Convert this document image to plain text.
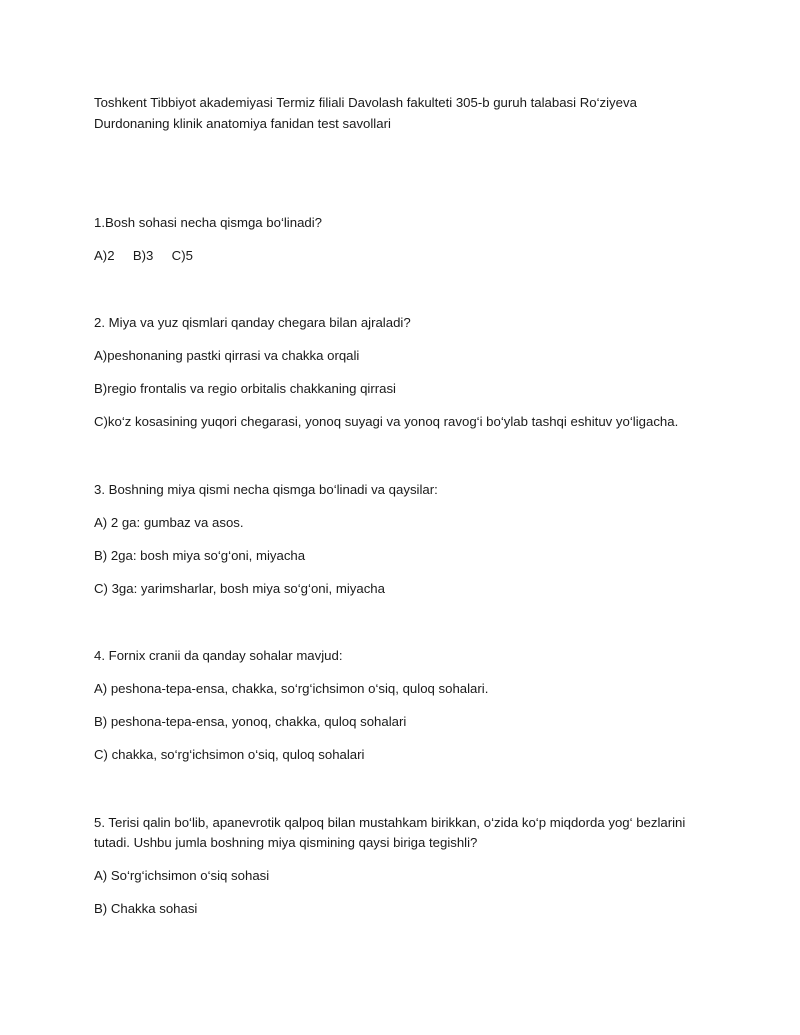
Toshkent Tibbiyot akademiyasi Termiz filiali Davolash fakulteti 305-b guruh talabasi Ro‘ziyeva
Durdonaning klinik anatomiya fanidan test savollari
1.Bosh sohasi necha qismga bo‘linadi?
A)2     B)3     C)5
2. Miya va yuz qismlari qanday chegara bilan ajraladi?
A)peshonaning pastki qirrasi va chakka orqali
B)regio frontalis va regio orbitalis chakkaning qirrasi
C)ko‘z kosasining yuqori chegarasi, yonoq suyagi va yonoq ravog‘i bo‘ylab tashqi eshituv yo‘ligacha.
3. Boshning miya qismi necha qismga bo‘linadi va qaysilar:
A) 2 ga: gumbaz va asos.
B) 2ga: bosh miya so‘g‘oni, miyacha
C) 3ga: yarimsharlar, bosh miya so‘g‘oni, miyacha
4. Fornix cranii da qanday sohalar mavjud:
A) peshona-tepa-ensa, chakka, so‘rg‘ichsimon o‘siq, quloq sohalari.
B) peshona-tepa-ensa, yonoq, chakka, quloq sohalari
C) chakka, so‘rg‘ichsimon o‘siq, quloq sohalari
5. Terisi qalin bo‘lib, apanevrotik qalpoq bilan mustahkam birikkan, o‘zida ko‘p miqdorda yog‘ bezlarini
tutadi. Ushbu jumla boshning miya qismining qaysi biriga tegishli?
A) So‘rg‘ichsimon o‘siq sohasi
B) Chakka sohasi
